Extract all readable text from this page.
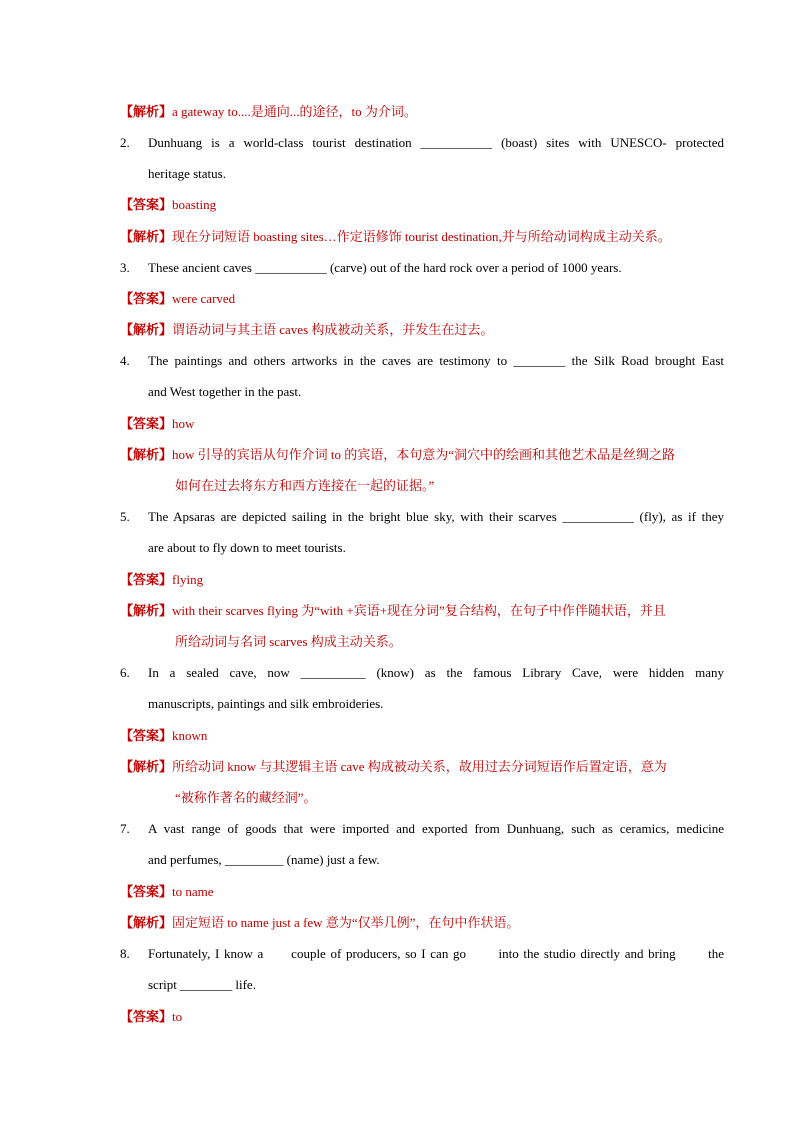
【解析】a gateway to....是通向...的途径，to 为介词。
2. Dunhuang is a world-class tourist destination ___________ (boast) sites with UNESCO- protected
heritage status.
【答案】boasting
【解析】现在分词短语 boasting sites…作定语修饰 tourist destination,并与所给动词构成主动关系。
3. These ancient caves ___________ (carve) out of the hard rock over a period of 1000 years.
【答案】were carved
【解析】谓语动词与其主语 caves 构成被动关系，并发生在过去。
4. The paintings and others artworks in the caves are testimony to ________ the Silk Road brought East
and West together in the past.
【答案】how
【解析】how 引导的宾语从句作介词 to 的宾语，本句意为“洞穴中的绘画和其他艺术品是丝绸之路
如何在过去将东方和西方连接在一起的证据。”
5. The Apsaras are depicted sailing in the bright blue sky, with their scarves ___________ (fly), as if they
are about to fly down to meet tourists.
【答案】flying
【解析】with their scarves flying 为“with +宾语+现在分词”复合结构，在句子中作伴随状语，并且
所给动词与名词 scarves 构成主动关系。
6. In a sealed cave, now __________ (know) as the famous Library Cave, were hidden many
manuscripts, paintings and silk embroideries.
【答案】known
【解析】所给动词 know 与其逻辑主语 cave 构成被动关系，故用过去分词短语作后置定语，意为
“被称作著名的藏经洞”。
7. A vast range of goods that were imported and exported from Dunhuang, such as ceramics, medicine
and perfumes, _________ (name) just a few.
【答案】to name
【解析】固定短语 to name just a few 意为“仅举几例”，在句中作状语。
8. Fortunately, I know a      couple of producers, so I can go       into the studio directly and bring       the
script ________ life.
【答案】to
